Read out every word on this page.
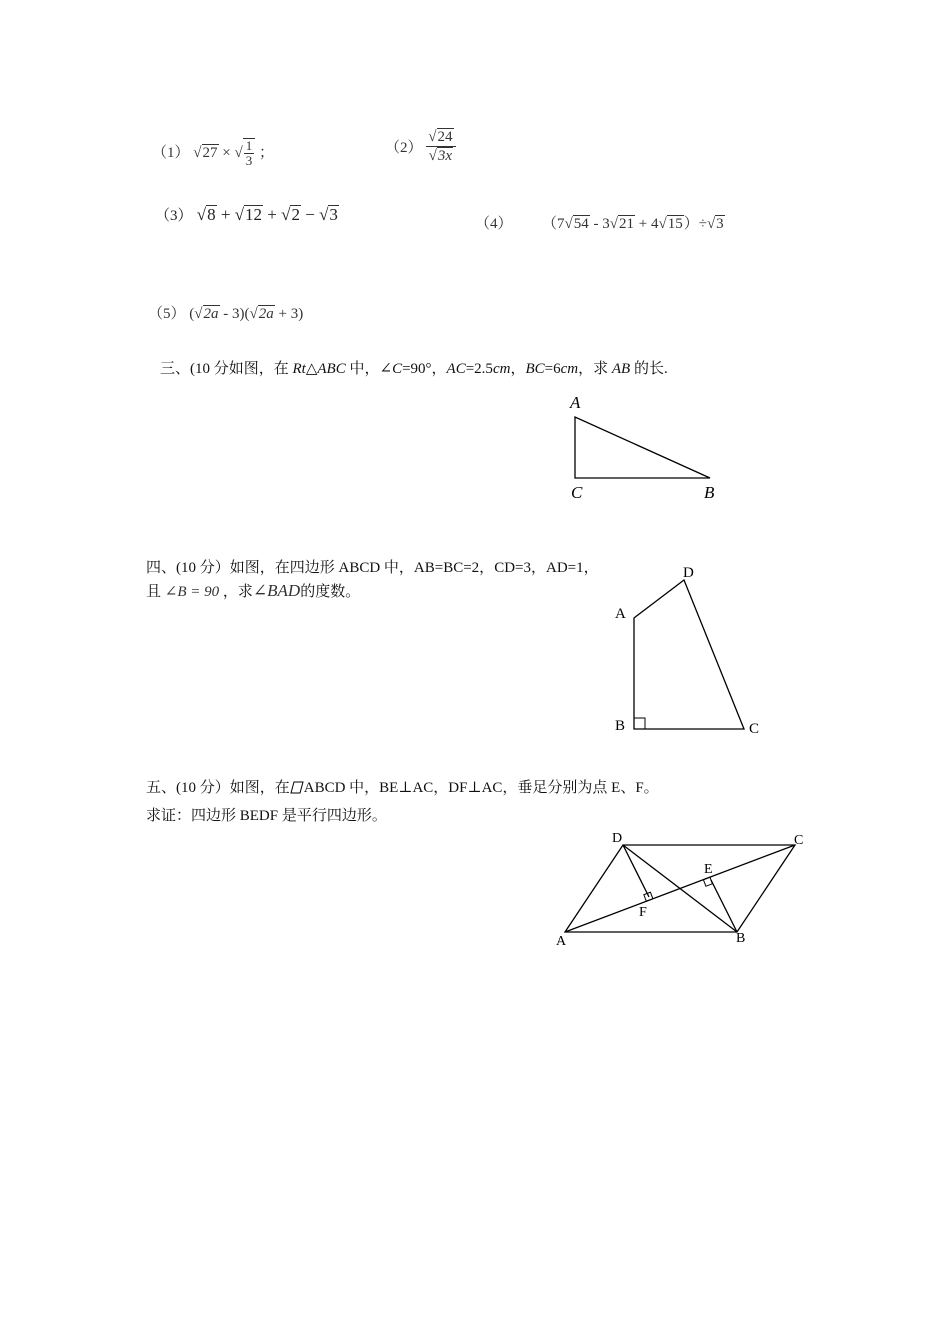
（1） √27 × √ $\frac{1}{3}$ ；	$(2) \frac{√24}{√3x}$
（3） √8 + √12 + √2 − √3	（4） （7√54 - 3√21 + 4√15）÷√3
（5） (√2a - 3)(√2a + 3)
三、(10 分如图，在 Rt△ABC 中，∠C=90°，AC=2.5cm，BC=6cm，求 AB 的长.
A
C	B
四、(10 分）如图，在四边形 ABCD 中，AB=BC=2，CD=3，AD=1，
且 ∠B = 90 ，求∠BAD的度数。
A
D
B	C
五、(10 分）如图，在 ABCD 中，BE⊥AC，DF⊥AC，垂足分别为点 E、F。
求证：四边形 BEDF 是平行四边形。
A	B
C
D
E
F
